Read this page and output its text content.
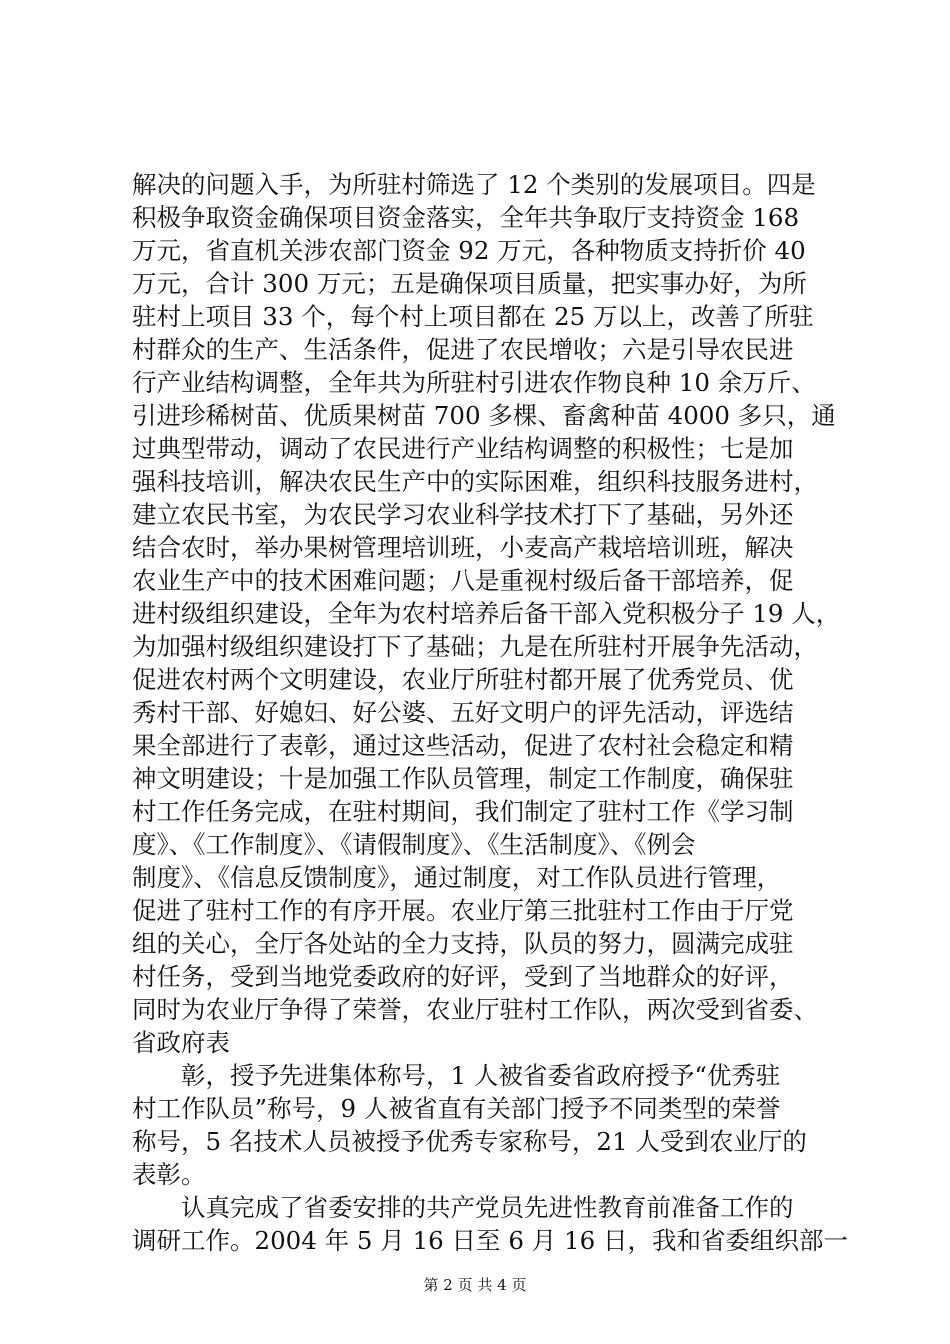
解决的问题入手，为所驻村筛选了 12 个类别的发展项目。四是
积极争取资金确保项目资金落实，全年共争取厅支持资金 168
万元，省直机关涉农部门资金 92 万元，各种物质支持折价 40
万元，合计 300 万元；五是确保项目质量，把实事办好，为所
驻村上项目 33 个，每个村上项目都在 25 万以上，改善了所驻
村群众的生产、生活条件，促进了农民增收；六是引导农民进
行产业结构调整，全年共为所驻村引进农作物良种 10 余万斤、
引进珍稀树苗、优质果树苗 700 多棵、畜禽种苗 4000 多只，通
过典型带动，调动了农民进行产业结构调整的积极性；七是加
强科技培训，解决农民生产中的实际困难，组织科技服务进村，
建立农民书室，为农民学习农业科学技术打下了基础，另外还
结合农时，举办果树管理培训班，小麦高产栽培培训班，解决
农业生产中的技术困难问题；八是重视村级后备干部培养，促
进村级组织建设，全年为农村培养后备干部入党积极分子 19 人，
为加强村级组织建设打下了基础；九是在所驻村开展争先活动，
促进农村两个文明建设，农业厅所驻村都开展了优秀党员、优
秀村干部、好媳妇、好公婆、五好文明户的评先活动，评选结
果全部进行了表彰，通过这些活动，促进了农村社会稳定和精
神文明建设；十是加强工作队员管理，制定工作制度，确保驻
村工作任务完成，在驻村期间，我们制定了驻村工作《学习制
度》、《工作制度》、《请假制度》、《生活制度》、《例会
制度》、《信息反馈制度》，通过制度，对工作队员进行管理，
促进了驻村工作的有序开展。农业厅第三批驻村工作由于厅党
组的关心，全厅各处站的全力支持，队员的努力，圆满完成驻
村任务，受到当地党委政府的好评，受到了当地群众的好评，
同时为农业厅争得了荣誉，农业厅驻村工作队，两次受到省委、
省政府表
彰，授予先进集体称号，1 人被省委省政府授予“优秀驻
村工作队员”称号，9 人被省直有关部门授予不同类型的荣誉
称号，5 名技术人员被授予优秀专家称号，21 人受到农业厅的
表彰。
认真完成了省委安排的共产党员先进性教育前准备工作的
调研工作。2004 年 5 月 16 日至 6 月 16 日，我和省委组织部一
第 2 页 共 4 页
